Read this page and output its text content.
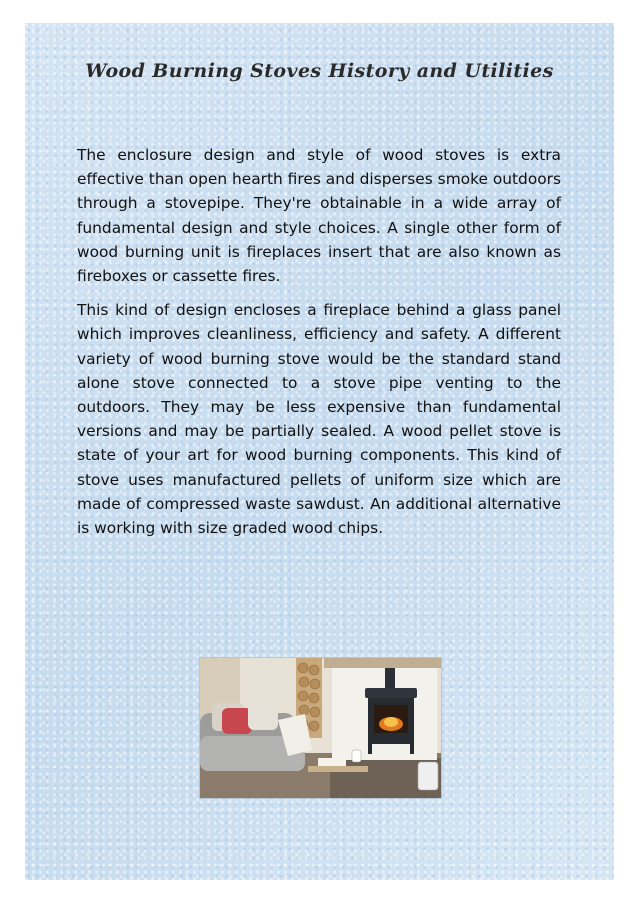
Wood Burning Stoves History and Utilities

The enclosure design and style of wood stoves is extra effective than open hearth fires and disperses smoke outdoors through a stovepipe. They're obtainable in a wide array of fundamental design and style choices. A single other form of wood burning unit is fireplaces insert that are also known as fireboxes or cassette fires.

This kind of design encloses a fireplace behind a glass panel which improves cleanliness, efficiency and safety. A different variety of wood burning stove would be the standard stand alone stove connected to a stove pipe venting to the outdoors. They may be less expensive than fundamental versions and may be partially sealed. A wood pellet stove is state of your art for wood burning components. This kind of stove uses manufactured pellets of uniform size which are made of compressed waste sawdust. An additional alternative is working with size graded wood chips.
